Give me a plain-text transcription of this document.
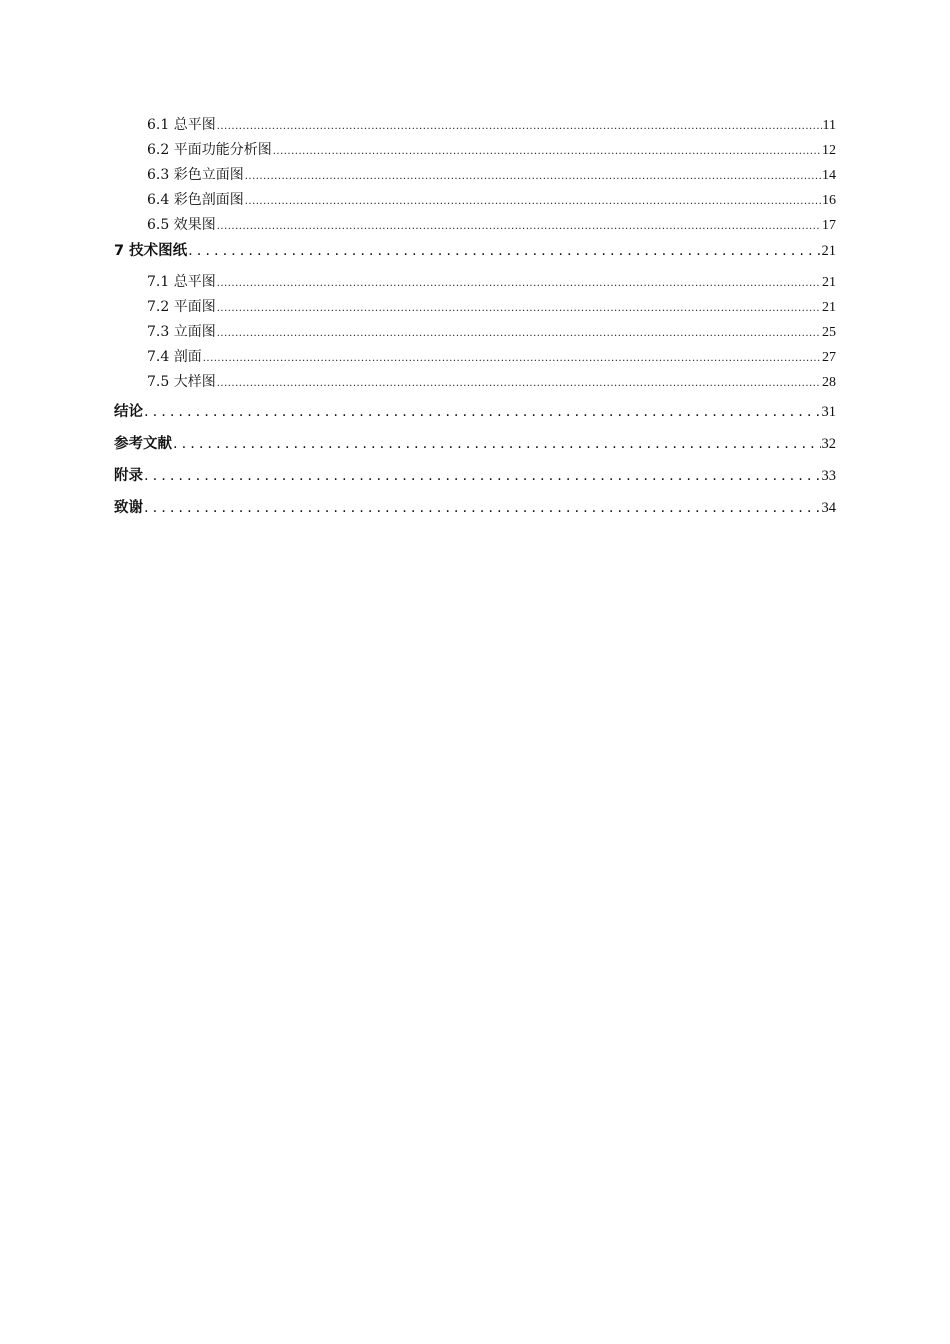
6.1 总平图 .....	11
6.2 平面功能分析图 .....	12
6.3 彩色立面图 .....	14
6.4 彩色剖面图 .....	16
6.5 效果图 .....	17
7 技术图纸 .....	21
7.1 总平图 .....	21
7.2 平面图 .....	21
7.3 立面图 .....	25
7.4 剖面 .....	27
7.5 大样图 .....	28
结论 .....	31
参考文献 .....	32
附录 .....	33
致谢 .....	34
